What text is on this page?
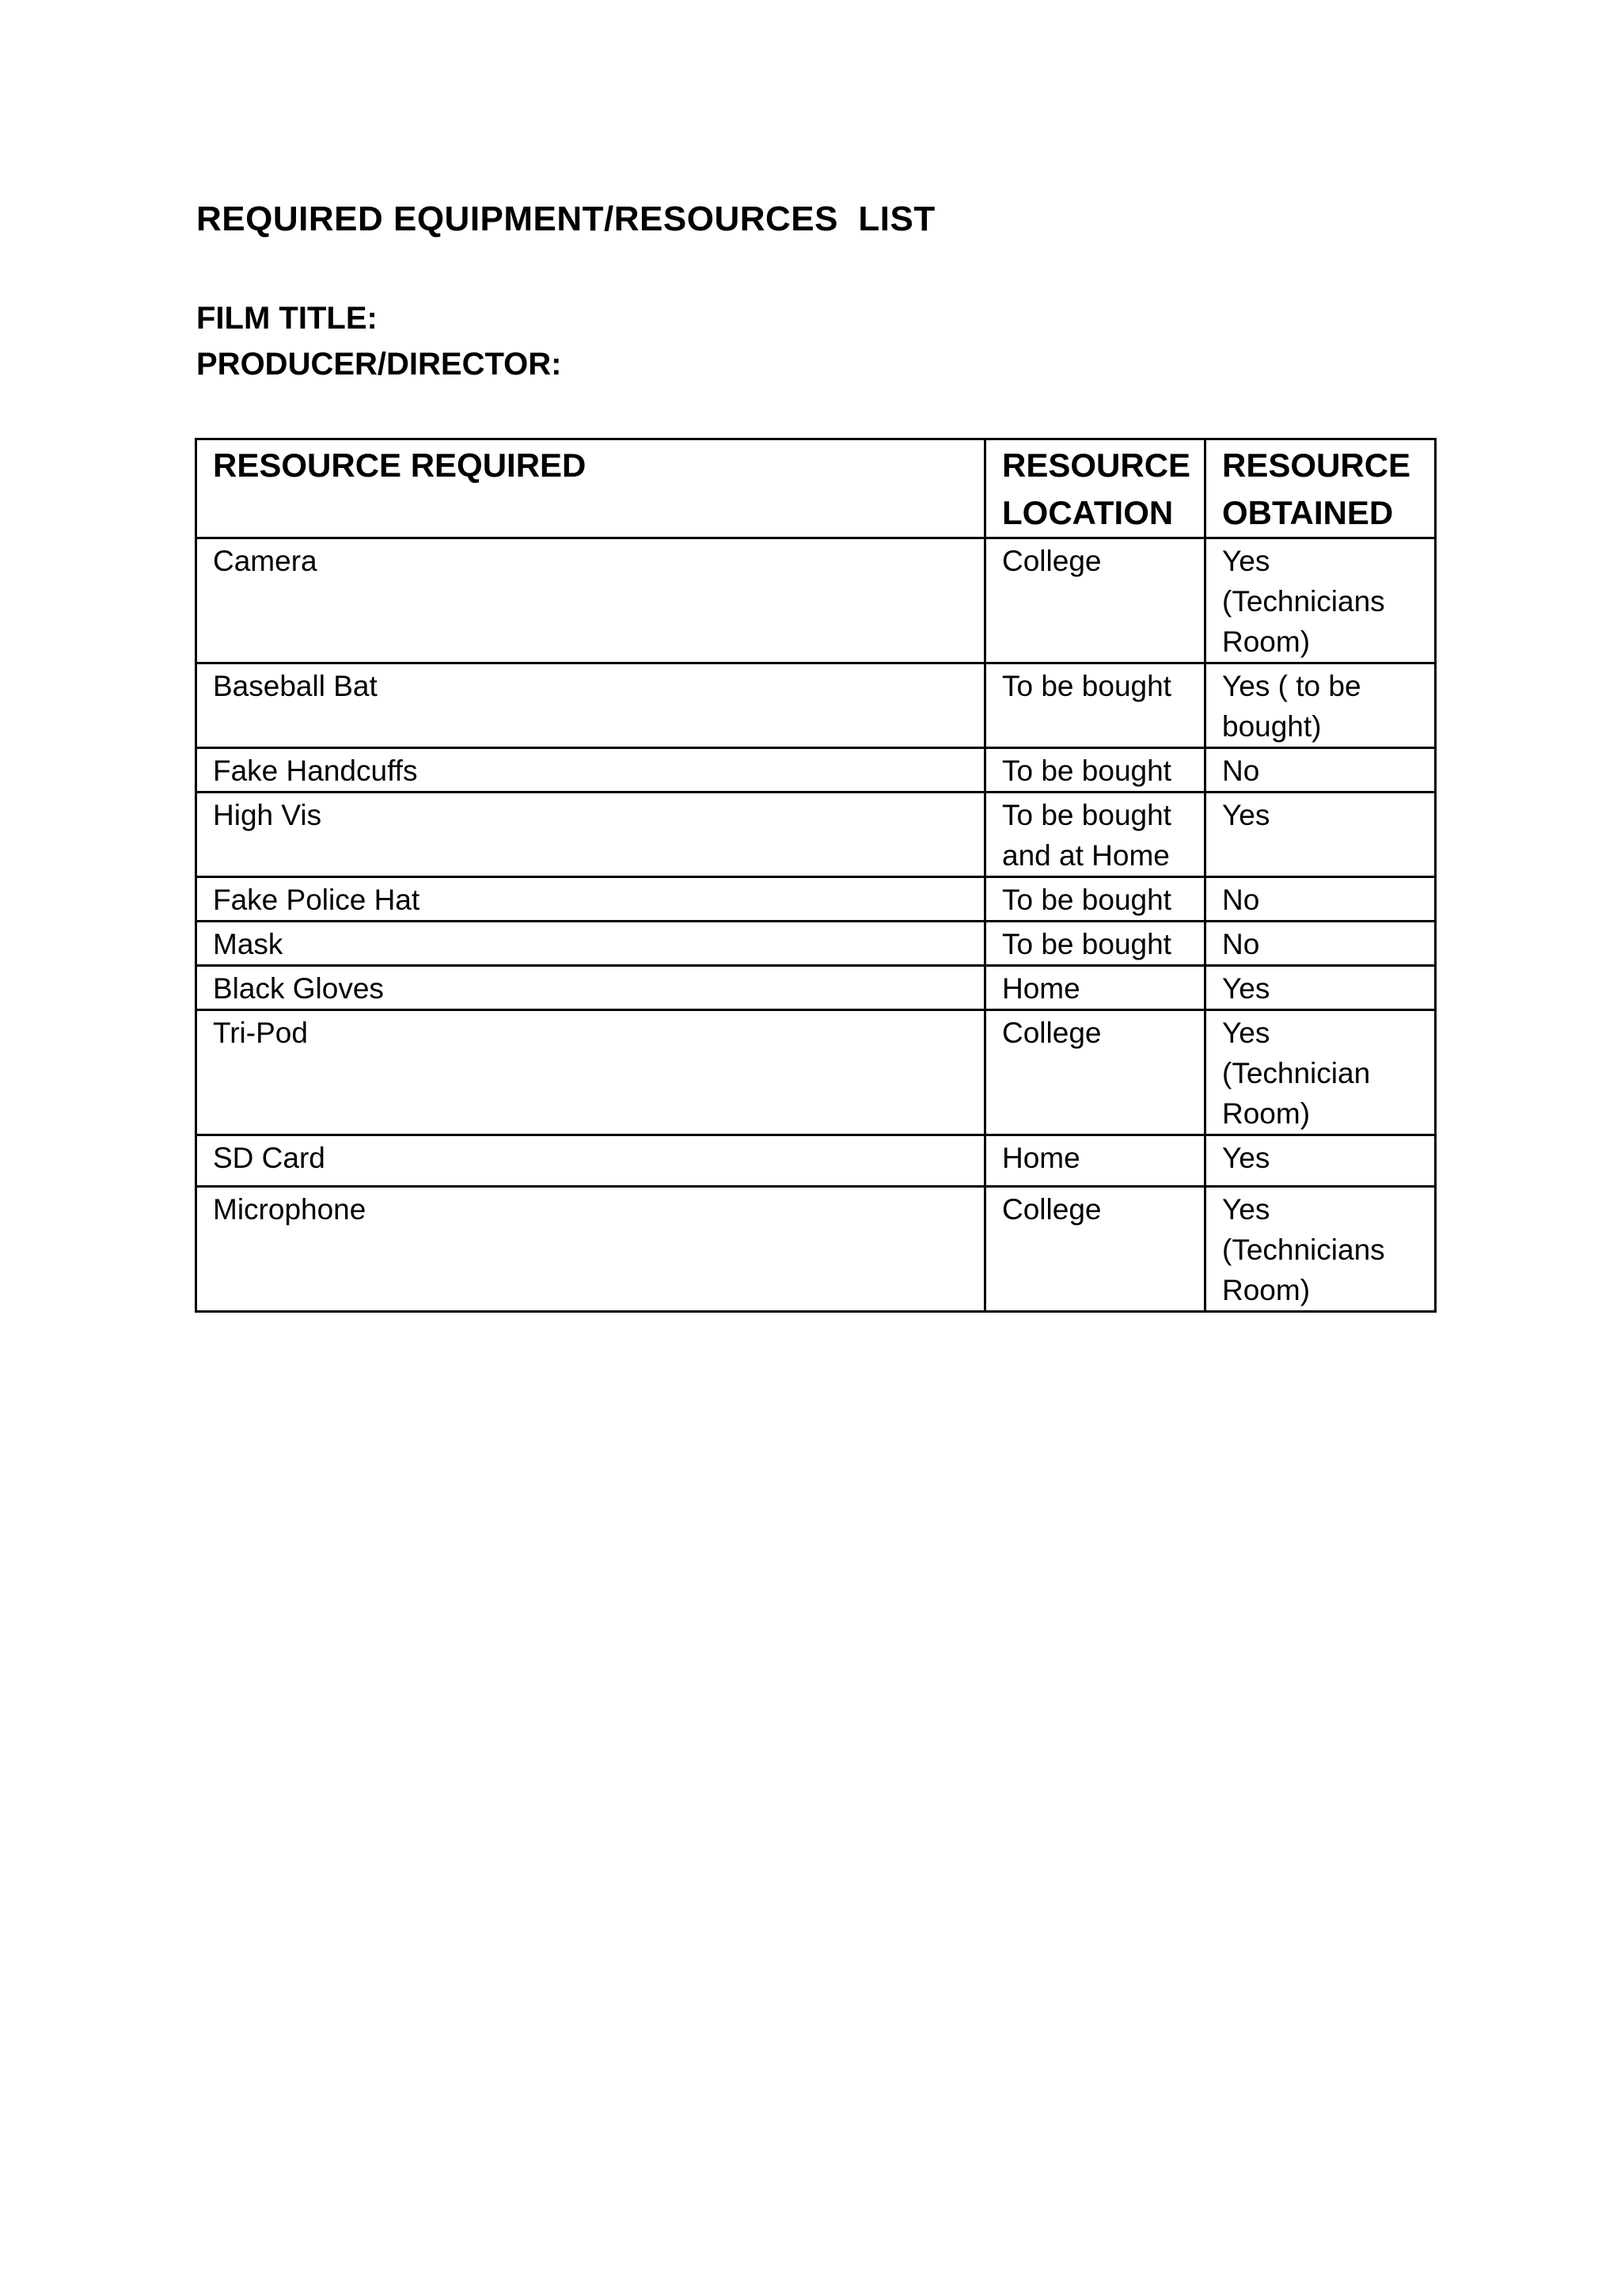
REQUIRED EQUIPMENT/RESOURCES  LIST

FILM TITLE:

PRODUCER/DIRECTOR:

RESOURCE REQUIRED	RESOURCE LOCATION	RESOURCE OBTAINED
Camera	College	Yes (Technicians Room)
Baseball Bat	To be bought	Yes ( to be bought)
Fake Handcuffs	To be bought	No
High Vis	To be bought and at Home	Yes
Fake Police Hat	To be bought	No
Mask	To be bought	No
Black Gloves	Home	Yes
Tri-Pod	College	Yes (Technician Room)
SD Card	Home	Yes
Microphone	College	Yes (Technicians Room)
